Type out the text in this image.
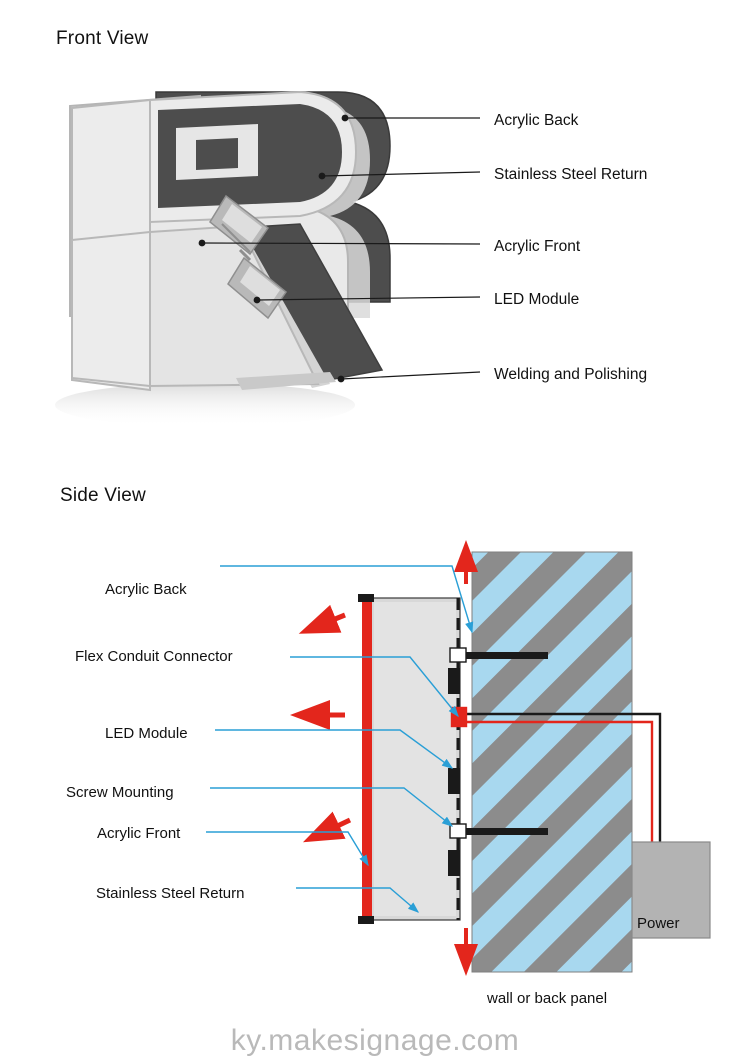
Front View
Acrylic Back
Stainless Steel Return
Acrylic Front
LED Module
Welding and Polishing
Side View
Acrylic Back
Flex Conduit Connector
LED Module
Screw Mounting
Acrylic Front
Stainless Steel Return
Power
wall or back panel
ky.makesignage.com
